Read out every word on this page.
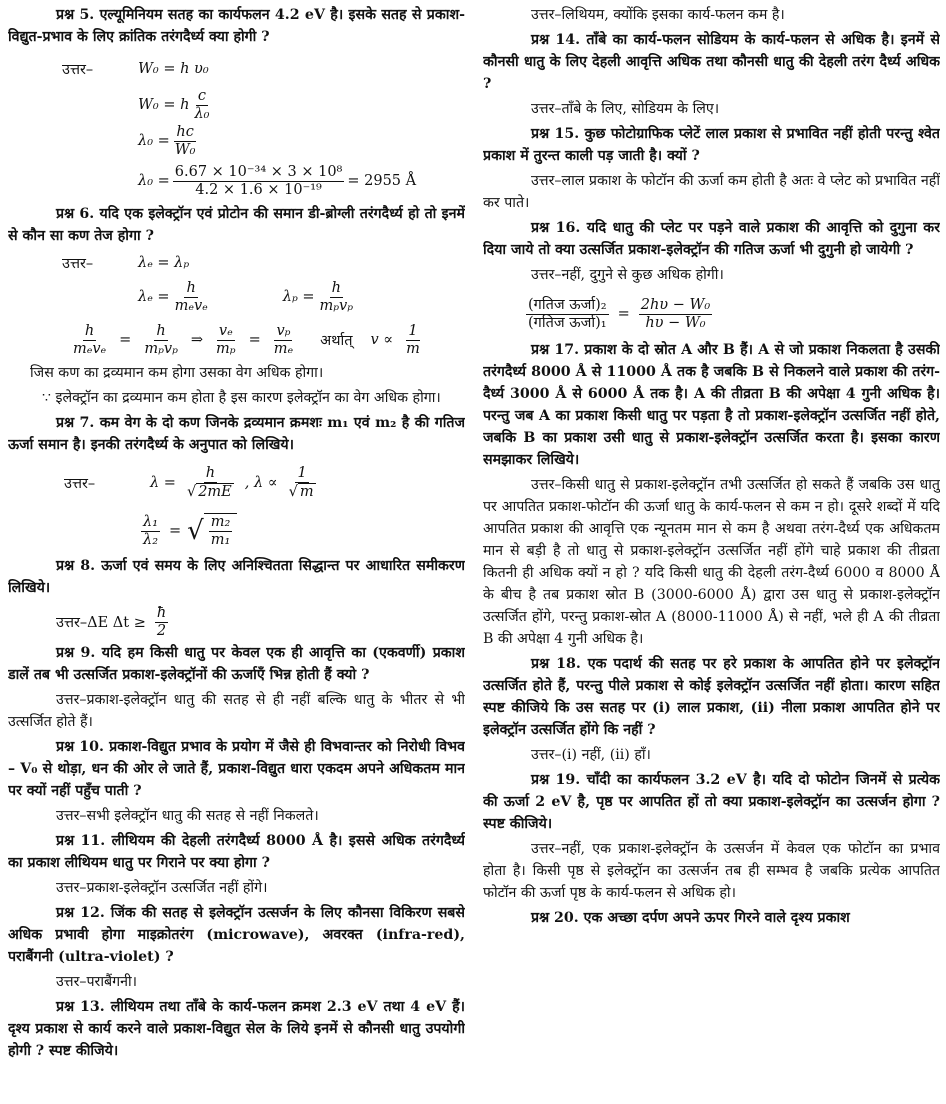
प्रश्न 5. एल्यूमिनियम सतह का कार्यफलन 4.2 eV है। इसके सतह से प्रकाश-विद्युत-प्रभाव के लिए क्रांतिक तरंगदैर्ध्य क्या होगी ?

उत्तर–	W₀ = h υ₀
W₀ = h $\frac{c}{\text{λ₀}}$
$\lambda_0 = \frac{hc}{\text{W₀}}$
$\lambda_0 = \frac{\text{6.67 × 10⁻³⁴ × 3 × 10⁸}}{\text{4.2 × 1.6 × 10⁻¹⁹}} = 2955$ Å

प्रश्न 6. यदि एक इलेक्ट्रॉन एवं प्रोटोन की समान डी-ब्रोग्ली तरंगदैर्ध्य हो तो इनमें से कौन सा कण तेज होगा ?

उत्तर–	λₑ = λₚ
$\lambda_e = \frac{h}{\text{mₑvₑ}}$	$\lambda_p = \frac{h}{\text{mₚvₚ}}$
$\frac{h}{\text{mₑvₑ}} = \frac{h}{\text{mₚvₚ}}$ ⇒ $\frac{\text{vₑ}}{\text{mₚ}} = \frac{\text{vₚ}}{\text{mₑ}}$ अर्थात् $v \propto \frac{1}{m}$

जिस कण का द्रव्यमान कम होगा उसका वेग अधिक होगा।

∵ इलेक्ट्रॉन का द्रव्यमान कम होता है इस कारण इलेक्ट्रॉन का वेग अधिक होगा।

प्रश्न 7. कम वेग के दो कण जिनके द्रव्यमान क्रमशः m₁ एवं m₂ है की गतिज ऊर्जा समान है। इनकी तरंगदैर्ध्य के अनुपात को लिखिये।

उत्तर–	$\lambda = \frac{h}{√ 2mE}$ , $\lambda \propto \frac{1}{√ m}$
$\frac{\text{λ₁}}{\text{λ₂}}$ = √ $\frac{\text{m₂}}{\text{m₁}}$

प्रश्न 8. ऊर्जा एवं समय के लिए अनिश्चितता सिद्धान्त पर आधारित समीकरण लिखिये।

उत्तर–ΔE $\Delta t \ge \frac{ħ}{2}$

प्रश्न 9. यदि हम किसी धातु पर केवल एक ही आवृत्ति का (एकवर्णी) प्रकाश डालें तब भी उत्सर्जित प्रकाश-इलेक्ट्रॉनों की ऊर्जाएँ भिन्न होती हैं क्यो ?

उत्तर–प्रकाश-इलेक्ट्रॉन धातु की सतह से ही नहीं बल्कि धातु के भीतर से भी उत्सर्जित होते हैं।

प्रश्न 10. प्रकाश-विद्युत प्रभाव के प्रयोग में जैसे ही विभवान्तर को निरोधी विभव – V₀ से थोड़ा, धन की ओर ले जाते हैं, प्रकाश-विद्युत धारा एकदम अपने अधिकतम मान पर क्यों नहीं पहुँच पाती ?

उत्तर–सभी इलेक्ट्रॉन धातु की सतह से नहीं निकलते।

प्रश्न 11. लीथियम की देहली तरंगदैर्ध्य 8000 Å है। इससे अधिक तरंगदैर्ध्य का प्रकाश लीथियम धातु पर गिराने पर क्या होगा ?

उत्तर–प्रकाश-इलेक्ट्रॉन उत्सर्जित नहीं होंगे।

प्रश्न 12. जिंक की सतह से इलेक्ट्रॉन उत्सर्जन के लिए कौनसा विकिरण सबसे अधिक प्रभावी होगा माइक्रोतरंग (microwave), अवरक्त (infra-red), पराबैंगनी (ultra-violet) ?

उत्तर–पराबैंगनी।

प्रश्न 13. लीथियम तथा ताँबे के कार्य-फलन क्रमश 2.3 eV तथा 4 eV हैं। दृश्य प्रकाश से कार्य करने वाले प्रकाश-विद्युत सेल के लिये इनमें से कौनसी धातु उपयोगी होगी ? स्पष्ट कीजिये।

उत्तर–लिथियम, क्योंकि इसका कार्य-फलन कम है।

प्रश्न 14. ताँबे का कार्य-फलन सोडियम के कार्य-फलन से अधिक है। इनमें से कौनसी धातु के लिए देहली आवृत्ति अधिक तथा कौनसी धातु की देहली तरंग दैर्ध्य अधिक ?

उत्तर–ताँबे के लिए, सोडियम के लिए।

प्रश्न 15. कुछ फोटोग्राफिक प्लेटें लाल प्रकाश से प्रभावित नहीं होती परन्तु श्वेत प्रकाश में तुरन्त काली पड़ जाती है। क्यों ?

उत्तर–लाल प्रकाश के फोटॉन की ऊर्जा कम होती है अतः वे प्लेट को प्रभावित नहीं कर पाते।

प्रश्न 16. यदि धातु की प्लेट पर पड़ने वाले प्रकाश की आवृत्ति को दुगुना कर दिया जाये तो क्या उत्सर्जित प्रकाश-इलेक्ट्रॉन की गतिज ऊर्जा भी दुगुनी हो जायेगी ?

उत्तर–नहीं, दुगुने से कुछ अधिक होगी।

$\frac{\text{(गतिज ऊर्जा)₂}}{\text{(गतिज ऊर्जा)₁}} = \frac{\text{2hυ − W₀}}{\text{hυ − W₀}}$

प्रश्न 17. प्रकाश के दो स्रोत A और B हैं। A से जो प्रकाश निकलता है उसकी तरंगदैर्ध्य 8000 Å से 11000 Å तक है जबकि B से निकलने वाले प्रकाश की तरंग-दैर्ध्य 3000 Å से 6000 Å तक है। A की तीव्रता B की अपेक्षा 4 गुनी अधिक है। परन्तु जब A का प्रकाश किसी धातु पर पड़ता है तो प्रकाश-इलेक्ट्रॉन उत्सर्जित नहीं होते, जबकि B का प्रकाश उसी धातु से प्रकाश-इलेक्ट्रॉन उत्सर्जित करता है। इसका कारण समझाकर लिखिये।

उत्तर–किसी धातु से प्रकाश-इलेक्ट्रॉन तभी उत्सर्जित हो सकते हैं जबकि उस धातु पर आपतित प्रकाश-फोटॉन की ऊर्जा धातु के कार्य-फलन से कम न हो। दूसरे शब्दों में यदि आपतित प्रकाश की आवृत्ति एक न्यूनतम मान से कम है अथवा तरंग-दैर्ध्य एक अधिकतम मान से बड़ी है तो धातु से प्रकाश-इलेक्ट्रॉन उत्सर्जित नहीं होंगे चाहे प्रकाश की तीव्रता कितनी ही अधिक क्यों न हो ? यदि किसी धातु की देहली तरंग-दैर्ध्य 6000 व 8000 Å के बीच है तब प्रकाश स्रोत B (3000-6000 Å) द्वारा उस धातु से प्रकाश-इलेक्ट्रॉन उत्सर्जित होंगे, परन्तु प्रकाश-स्रोत A (8000-11000 Å) से नहीं, भले ही A की तीव्रता B की अपेक्षा 4 गुनी अधिक है।

प्रश्न 18. एक पदार्थ की सतह पर हरे प्रकाश के आपतित होने पर इलेक्ट्रॉन उत्सर्जित होते हैं, परन्तु पीले प्रकाश से कोई इलेक्ट्रॉन उत्सर्जित नहीं होता। कारण सहित स्पष्ट कीजिये कि उस सतह पर (i) लाल प्रकाश, (ii) नीला प्रकाश आपतित होने पर इलेक्ट्रॉन उत्सर्जित होंगे कि नहीं ?

उत्तर–(i) नहीं, (ii) हाँ।

प्रश्न 19. चाँदी का कार्यफलन 3.2 eV है। यदि दो फोटोन जिनमें से प्रत्येक की ऊर्जा 2 eV है, पृष्ठ पर आपतित हों तो क्या प्रकाश-इलेक्ट्रॉन का उत्सर्जन होगा ? स्पष्ट कीजिये।

उत्तर–नहीं, एक प्रकाश-इलेक्ट्रॉन के उत्सर्जन में केवल एक फोटॉन का प्रभाव होता है। किसी पृष्ठ से इलेक्ट्रॉन का उत्सर्जन तब ही सम्भव है जबकि प्रत्येक आपतित फोटॉन की ऊर्जा पृष्ठ के कार्य-फलन से अधिक हो।

प्रश्न 20. एक अच्छा दर्पण अपने ऊपर गिरने वाले दृश्य प्रकाश
